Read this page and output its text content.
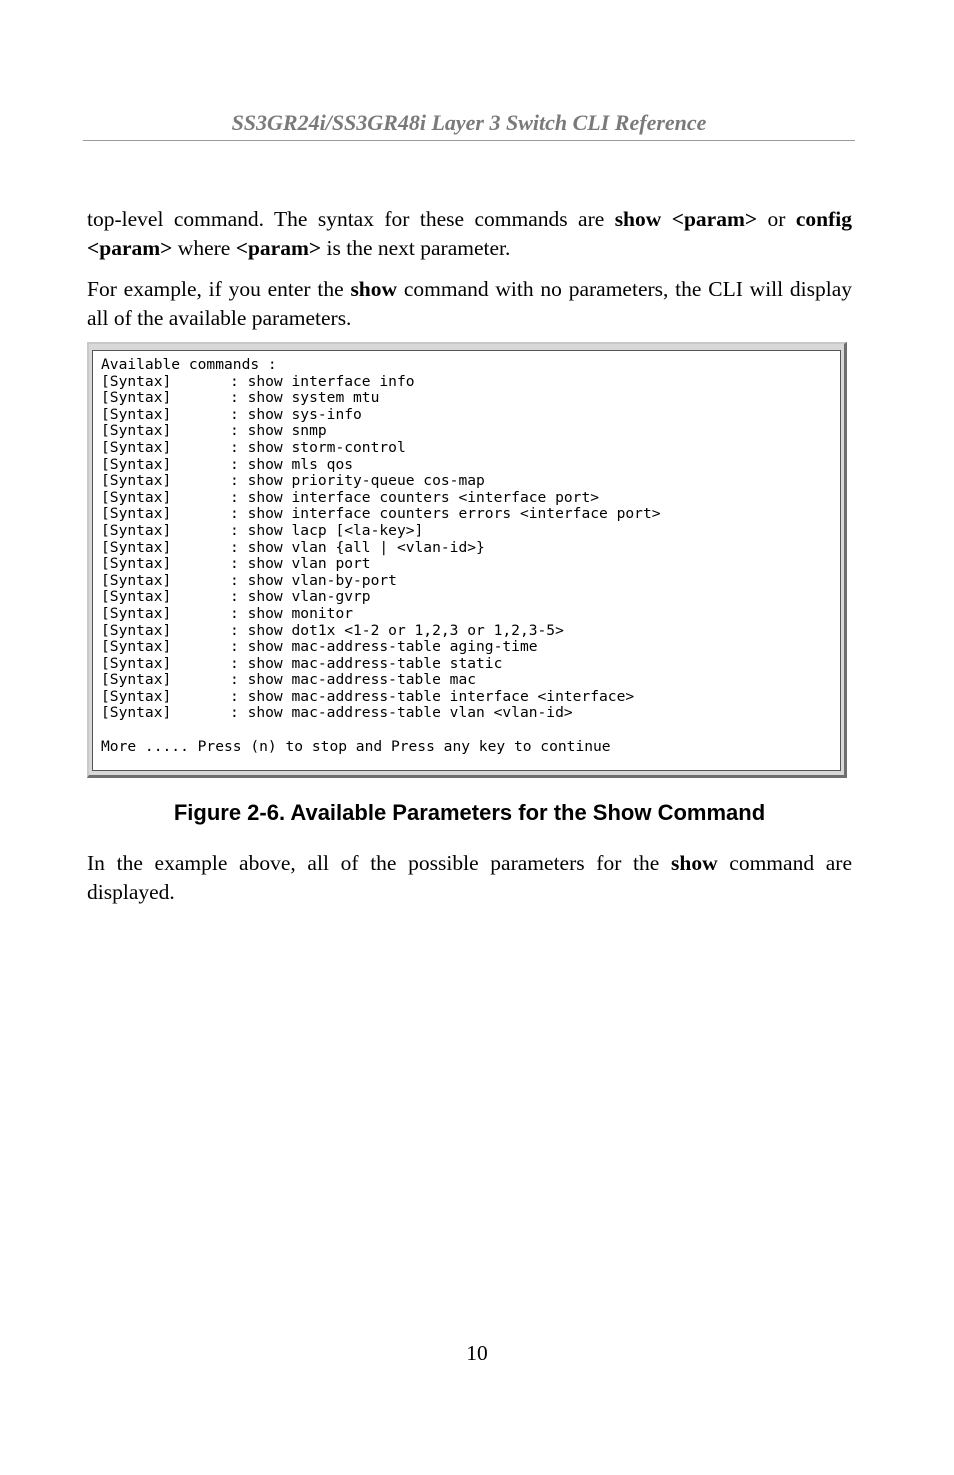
SS3GR24i/SS3GR48i Layer 3 Switch CLI Reference
top-level command. The syntax for these commands are show <param> or config <param> where <param> is the next parameter.
For example, if you enter the show command with no parameters, the CLI will display all of the available parameters.
Available commands :
[Syntax]	: show interface info
[Syntax]	: show system mtu
[Syntax]	: show sys-info
[Syntax]	: show snmp
[Syntax]	: show storm-control
[Syntax]	: show mls qos
[Syntax]	: show priority-queue cos-map
[Syntax]	: show interface counters <interface port>
[Syntax]	: show interface counters errors <interface port>
[Syntax]	: show lacp [<la-key>]
[Syntax]	: show vlan {all | <vlan-id>}
[Syntax]	: show vlan port
[Syntax]	: show vlan-by-port
[Syntax]	: show vlan-gvrp
[Syntax]	: show monitor
[Syntax]	: show dot1x <1-2 or 1,2,3 or 1,2,3-5>
[Syntax]	: show mac-address-table aging-time
[Syntax]	: show mac-address-table static
[Syntax]	: show mac-address-table mac
[Syntax]	: show mac-address-table interface <interface>
[Syntax]	: show mac-address-table vlan <vlan-id>
More ..... Press (n) to stop and Press any key to continue
Figure 2-6. Available Parameters for the Show Command
In the example above, all of the possible parameters for the show command are displayed.
10
